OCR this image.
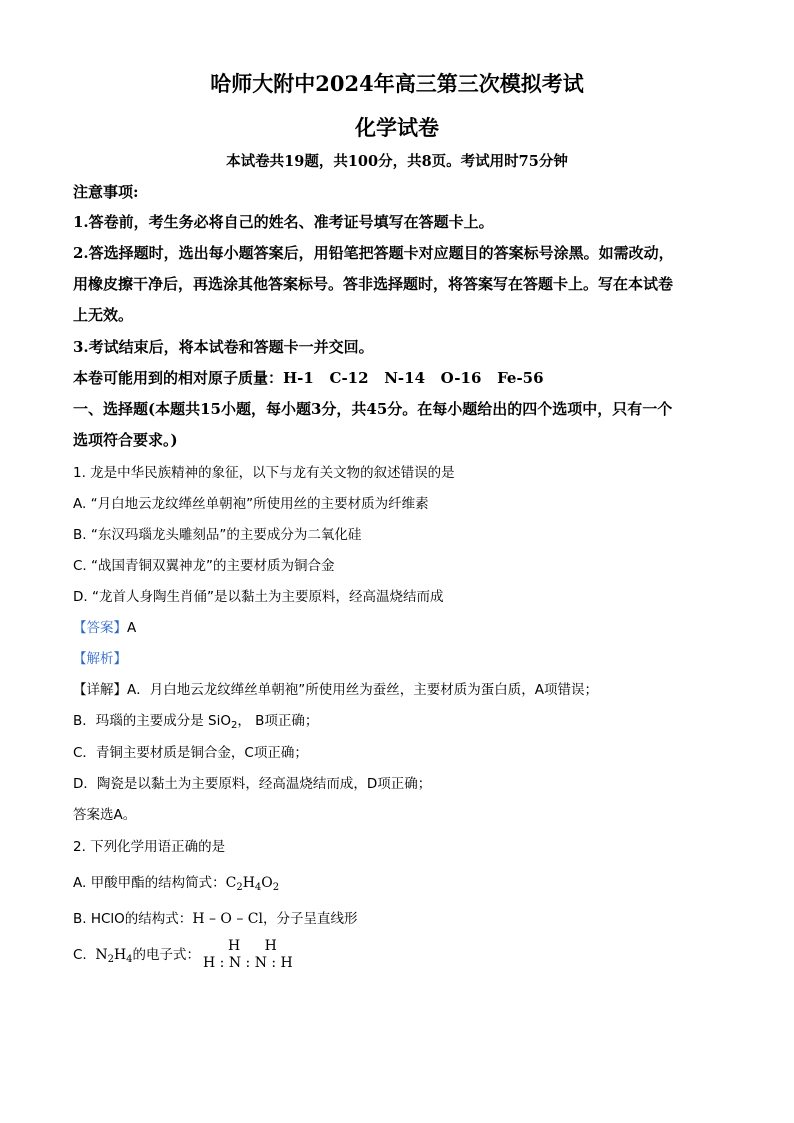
哈师大附中2024年高三第三次模拟考试
化学试卷
本试卷共19题，共100分，共8页。考试用时75分钟
注意事项:
1.答卷前，考生务必将自己的姓名、准考证号填写在答题卡上。
2.答选择题时，选出每小题答案后，用铅笔把答题卡对应题目的答案标号涂黑。如需改动，
用橡皮擦干净后，再选涂其他答案标号。答非选择题时，将答案写在答题卡上。写在本试卷
上无效。
3.考试结束后，将本试卷和答题卡一并交回。
本卷可能用到的相对原子质量：H-1   C-12   N-14   O-16   Fe-56
一、选择题(本题共15小题，每小题3分，共45分。在每小题给出的四个选项中，只有一个
选项符合要求。)
1. 龙是中华民族精神的象征，以下与龙有关文物的叙述错误的是
A. “月白地云龙纹缂丝单朝袍”所使用丝的主要材质为纤维素
B. “东汉玛瑙龙头雕刻品”的主要成分为二氧化硅
C. “战国青铜双翼神龙”的主要材质为铜合金
D. “龙首人身陶生肖俑”是以黏土为主要原料，经高温烧结而成
【答案】A
【解析】
【详解】A．月白地云龙纹缂丝单朝袍”所使用丝为蚕丝，主要材质为蛋白质，A项错误；
B．玛瑙的主要成分是 SiO$_2$， B项正确；
C．青铜主要材质是铜合金，C项正确；
D．陶瓷是以黏土为主要原料，经高温烧结而成，D项正确；
答案选A。
2. 下列化学用语正确的是
A. 甲酸甲酯的结构简式：$C_2H_4O_2$
B. HClO的结构式：H – O – Cl，分子呈直线形
C.  $N_2H_4$的电子式：
H H
H : N : N : H
